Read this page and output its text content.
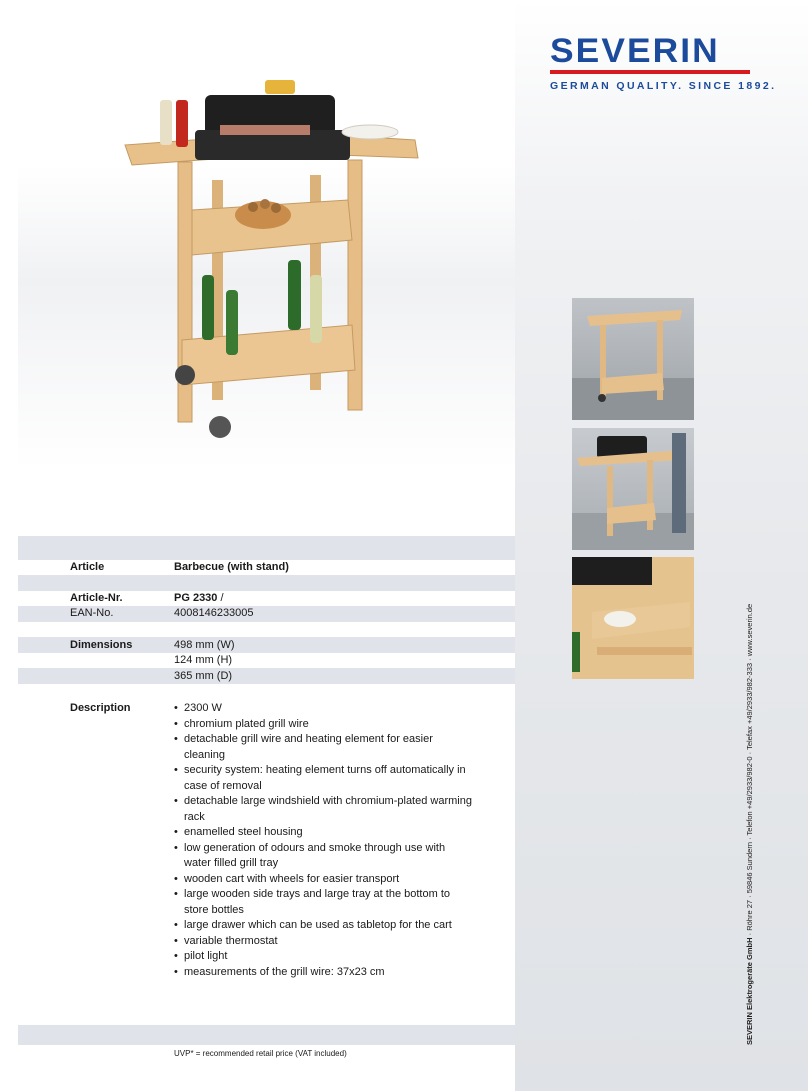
SEVERIN
GERMAN QUALITY. SINCE 1892.
Article	Barbecue (with stand)
Article-Nr.	PG 2330 /
EAN-No.	4008146233005
Dimensions	498 mm (W)
124 mm (H)
365 mm (D)
Description
•	2300 W
• chromium plated grill wire
• detachable grill wire and heating element for easier cleaning
• security system: heating element turns off automatically in case of removal
• detachable large windshield with chromium-plated warming rack
• enamelled steel housing
• low generation of odours and smoke through use with water filled grill tray
• wooden cart with wheels for easier transport
• large wooden side trays and large tray at the bottom to store bottles
• large drawer which can be used as tabletop for the cart
• variable thermostat
• pilot light
• measurements of the grill wire: 37x23 cm
UVP* = recommended retail price (VAT included)
SEVERIN Elektrogeräte GmbH · Röhre 27 · 59846 Sundern · Telefon +49/2933/982-0 · Telefax +49/2933/982-333 · www.severin.de
